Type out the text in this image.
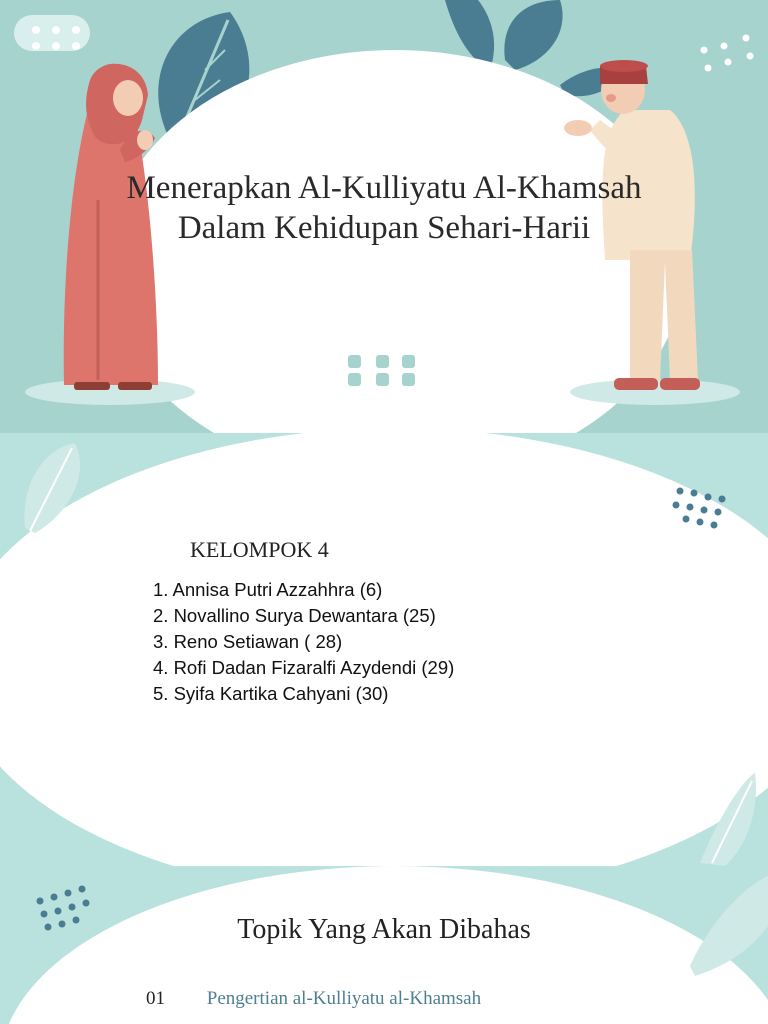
Menerapkan Al-Kulliyatu Al-Khamsah Dalam Kehidupan Sehari-Harii
KELOMPOK 4
1. Annisa Putri Azzahhra (6)
2. Novallino Surya Dewantara (25)
3. Reno Setiawan ( 28)
4. Rofi Dadan Fizaralfi Azydendi (29)
5. Syifa Kartika Cahyani (30)
Topik Yang Akan Dibahas
01 Pengertian al-Kulliyatu al-Khamsah
